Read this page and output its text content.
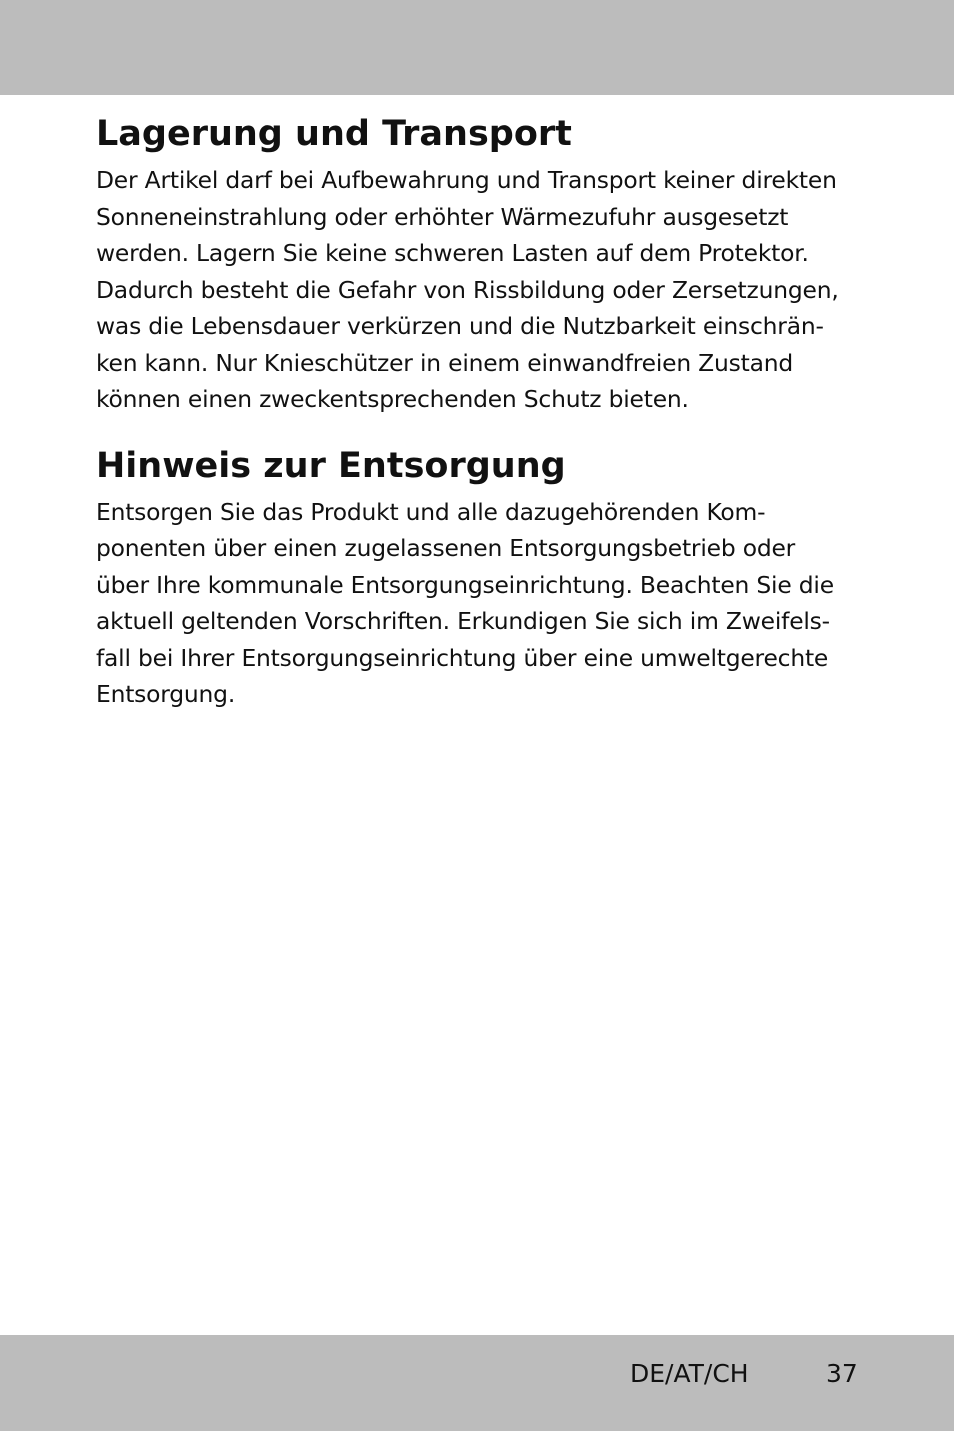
Lagerung und Transport
Der Artikel darf bei Aufbewahrung und Transport keiner direkten
Sonneneinstrahlung oder erhöhter Wärmezufuhr ausgesetzt
werden. Lagern Sie keine schweren Lasten auf dem Protektor.
Dadurch besteht die Gefahr von Rissbildung oder Zersetzungen,
was die Lebensdauer verkürzen und die Nutzbarkeit einschrän-
ken kann. Nur Knieschützer in einem einwandfreien Zustand
können einen zweckentsprechenden Schutz bieten.
Hinweis zur Entsorgung
Entsorgen Sie das Produkt und alle dazugehörenden Kom-
ponenten über einen zugelassenen Entsorgungsbetrieb oder
über Ihre kommunale Entsorgungseinrichtung. Beachten Sie die
aktuell geltenden Vorschriften. Erkundigen Sie sich im Zweifels-
fall bei Ihrer Entsorgungseinrichtung über eine umweltgerechte
Entsorgung.
DE/AT/CH	37
